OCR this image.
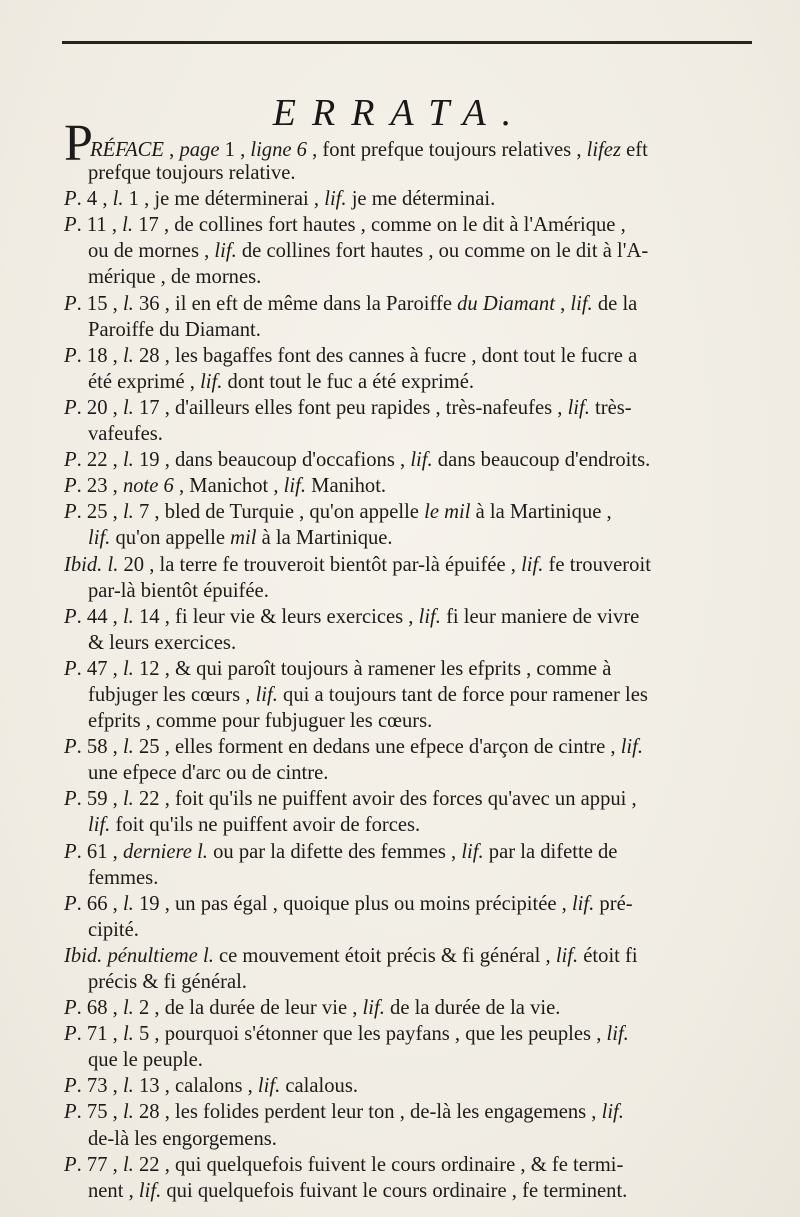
ERRATA.
PRÉFACE , page 1 , ligne 6 , font prefque toujours relatives , lifez eft
prefque toujours relative.
P. 4 , l. 1 , je me déterminerai , lif. je me déterminai.
P. 11 , l. 17 , de collines fort hautes , comme on le dit à l'Amérique ,
ou de mornes , lif. de collines fort hautes , ou comme on le dit à l'A-
mérique , de mornes.
P. 15 , l. 36 , il en eft de même dans la Paroiffe du Diamant , lif. de la
Paroiffe du Diamant.
P. 18 , l. 28 , les bagaffes font des cannes à fucre , dont tout le fucre a
été exprimé , lif. dont tout le fuc a été exprimé.
P. 20 , l. 17 , d'ailleurs elles font peu rapides , très-nafeufes , lif. très-
vafeufes.
P. 22 , l. 19 , dans beaucoup d'occafions , lif. dans beaucoup d'endroits.
P. 23 , note 6 , Manichot , lif. Manihot.
P. 25 , l. 7 , bled de Turquie , qu'on appelle le mil à la Martinique ,
lif. qu'on appelle mil à la Martinique.
Ibid. l. 20 , la terre fe trouveroit bientôt par-là épuifée , lif. fe trouveroit
par-là bientôt épuifée.
P. 44 , l. 14 , fi leur vie & leurs exercices , lif. fi leur maniere de vivre
& leurs exercices.
P. 47 , l. 12 , & qui paroît toujours à ramener les efprits , comme à
fubjuger les cœurs , lif. qui a toujours tant de force pour ramener les
efprits , comme pour fubjuguer les cœurs.
P. 58 , l. 25 , elles forment en dedans une efpece d'arçon de cintre , lif.
une efpece d'arc ou de cintre.
P. 59 , l. 22 , foit qu'ils ne puiffent avoir des forces qu'avec un appui ,
lif. foit qu'ils ne puiffent avoir de forces.
P. 61 , derniere l. ou par la difette des femmes , lif. par la difette de
femmes.
P. 66 , l. 19 , un pas égal , quoique plus ou moins précipitée , lif. pré-
cipité.
Ibid. pénultieme l. ce mouvement étoit précis & fi général , lif. étoit fi
précis & fi général.
P. 68 , l. 2 , de la durée de leur vie , lif. de la durée de la vie.
P. 71 , l. 5 , pourquoi s'étonner que les payfans , que les peuples , lif.
que le peuple.
P. 73 , l. 13 , calalons , lif. calalous.
P. 75 , l. 28 , les folides perdent leur ton , de-là les engagemens , lif.
de-là les engorgemens.
P. 77 , l. 22 , qui quelquefois fuivent le cours ordinaire , & fe termi-
nent , lif. qui quelquefois fuivant le cours ordinaire , fe terminent.
